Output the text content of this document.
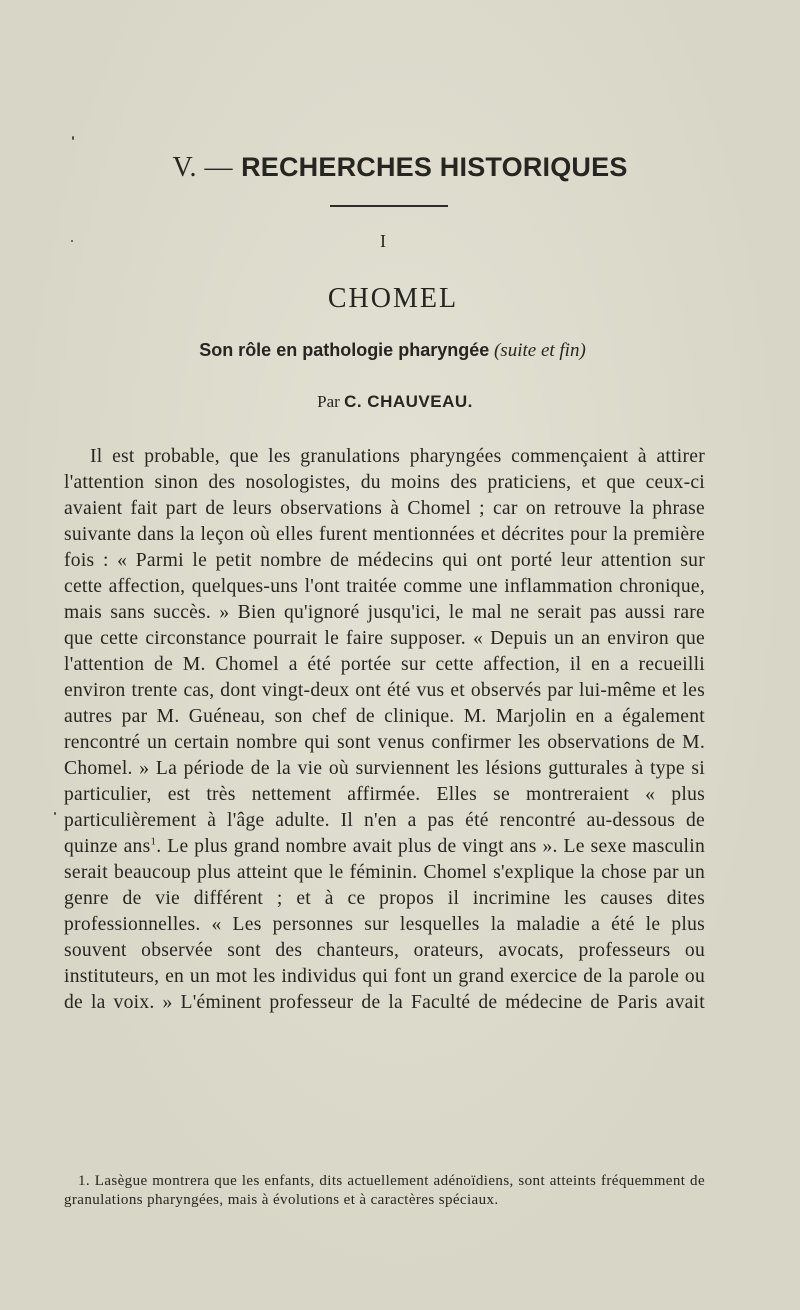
V. — RECHERCHES HISTORIQUES
I
CHOMEL
Son rôle en pathologie pharyngée (suite et fin)
Par C. CHAUVEAU.

Il est probable, que les granulations pharyngées commençaient à attirer l'attention sinon des nosologistes, du moins des praticiens, et que ceux-ci avaient fait part de leurs observations à Chomel ; car on retrouve la phrase suivante dans la leçon où elles furent mentionnées et décrites pour la première fois : « Parmi le petit nombre de médecins qui ont porté leur attention sur cette affection, quelques-uns l'ont traitée comme une inflammation chronique, mais sans succès. » Bien qu'ignoré jusqu'ici, le mal ne serait pas aussi rare que cette circonstance pourrait le faire supposer. « Depuis un an environ que l'attention de M. Chomel a été portée sur cette affection, il en a recueilli environ trente cas, dont vingt-deux ont été vus et observés par lui-même et les autres par M. Guéneau, son chef de clinique. M. Marjolin en a également rencontré un certain nombre qui sont venus confirmer les observations de M. Chomel. » La période de la vie où surviennent les lésions gutturales à type si particulier, est très nettement affirmée. Elles se montreraient « plus particulièrement à l'âge adulte. Il n'en a pas été rencontré au-dessous de quinze ans$^1$. Le plus grand nombre avait plus de vingt ans ». Le sexe masculin serait beaucoup plus atteint que le féminin. Chomel s'explique la chose par un genre de vie différent ; et à ce propos il incrimine les causes dites professionnelles. « Les personnes sur lesquelles la maladie a été le plus souvent observée sont des chanteurs, orateurs, avocats, professeurs ou instituteurs, en un mot les individus qui font un grand exercice de la parole ou de la voix. » L'éminent professeur de la Faculté de médecine de Paris avait

1. Lasègue montrera que les enfants, dits actuellement adénoïdiens, sont atteints fréquemment de granulations pharyngées, mais à évolutions et à caractères spéciaux.
